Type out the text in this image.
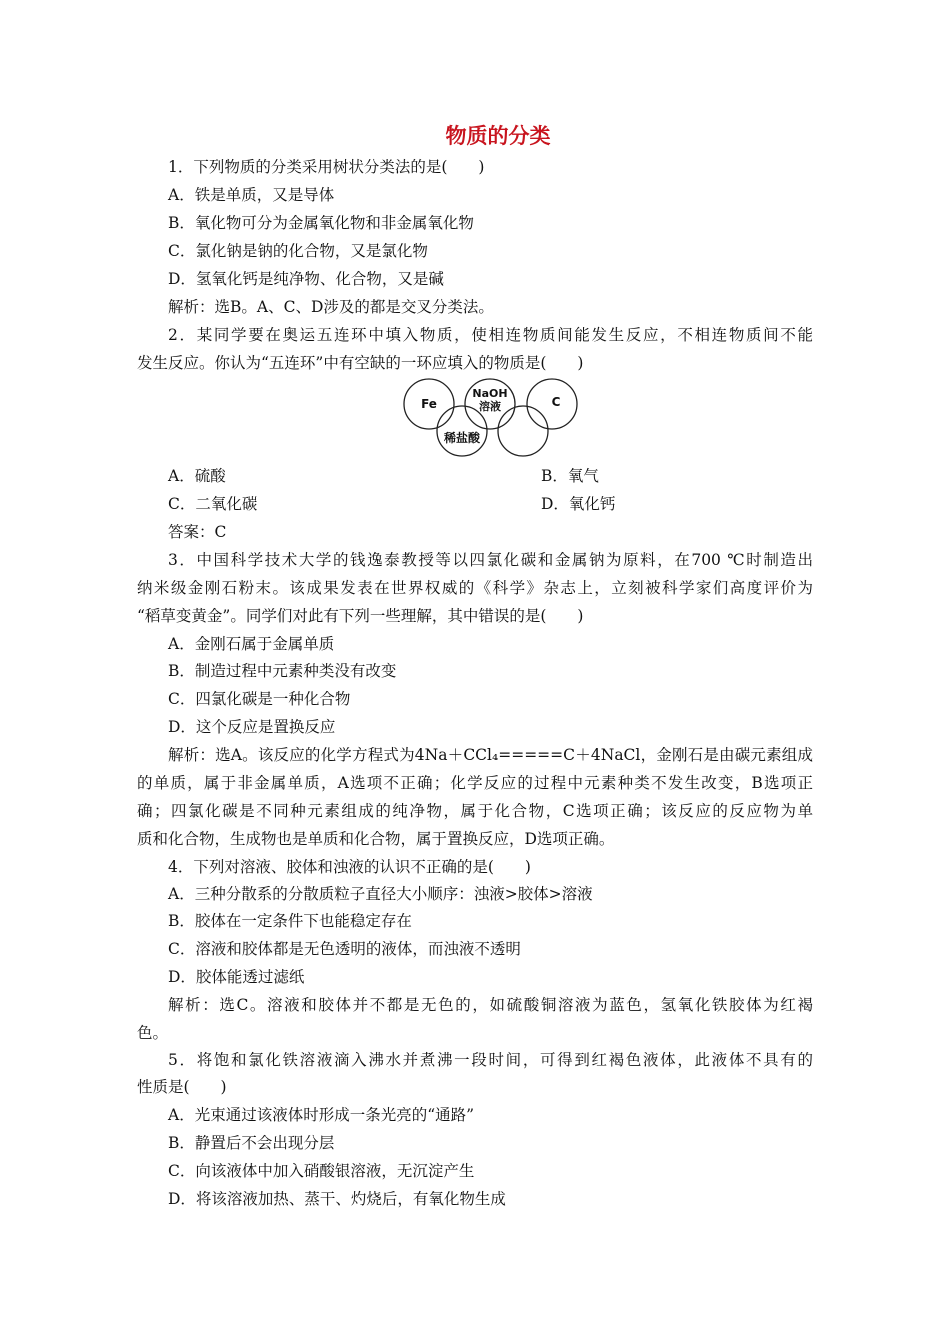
物质的分类
1．下列物质的分类采用树状分类法的是(　　)
A．铁是单质，又是导体
B．氧化物可分为金属氧化物和非金属氧化物
C．氯化钠是钠的化合物，又是氯化物
D．氢氧化钙是纯净物、化合物，又是碱
解析：选B。A、C、D涉及的都是交叉分类法。
2．某同学要在奥运五连环中填入物质，使相连物质间能发生反应，不相连物质间不能
发生反应。你认为“五连环”中有空缺的一环应填入的物质是(　　)
Fe
NaOH
溶液	C
稀盐酸
A．硫酸	B．氧气
C．二氧化碳	D．氧化钙
答案：C
3．中国科学技术大学的钱逸泰教授等以四氯化碳和金属钠为原料，在700 ℃时制造出
纳米级金刚石粉末。该成果发表在世界权威的《科学》杂志上，立刻被科学家们高度评价为
“稻草变黄金”。同学们对此有下列一些理解，其中错误的是(　　)
A．金刚石属于金属单质
B．制造过程中元素种类没有改变
C．四氯化碳是一种化合物
D．这个反应是置换反应
解析：选A。该反应的化学方程式为4Na＋CCl₄=====C＋4NaCl，金刚石是由碳元素组成
的单质，属于非金属单质，A选项不正确；化学反应的过程中元素种类不发生改变，B选项正
确；四氯化碳是不同种元素组成的纯净物，属于化合物，C选项正确；该反应的反应物为单
质和化合物，生成物也是单质和化合物，属于置换反应，D选项正确。
4．下列对溶液、胶体和浊液的认识不正确的是(　　)
A．三种分散系的分散质粒子直径大小顺序：浊液>胶体>溶液
B．胶体在一定条件下也能稳定存在
C．溶液和胶体都是无色透明的液体，而浊液不透明
D．胶体能透过滤纸
解析：选C。溶液和胶体并不都是无色的，如硫酸铜溶液为蓝色，氢氧化铁胶体为红褐
色。
5．将饱和氯化铁溶液滴入沸水并煮沸一段时间，可得到红褐色液体，此液体不具有的
性质是(　　)
A．光束通过该液体时形成一条光亮的“通路”
B．静置后不会出现分层
C．向该液体中加入硝酸银溶液，无沉淀产生
D．将该溶液加热、蒸干、灼烧后，有氧化物生成
